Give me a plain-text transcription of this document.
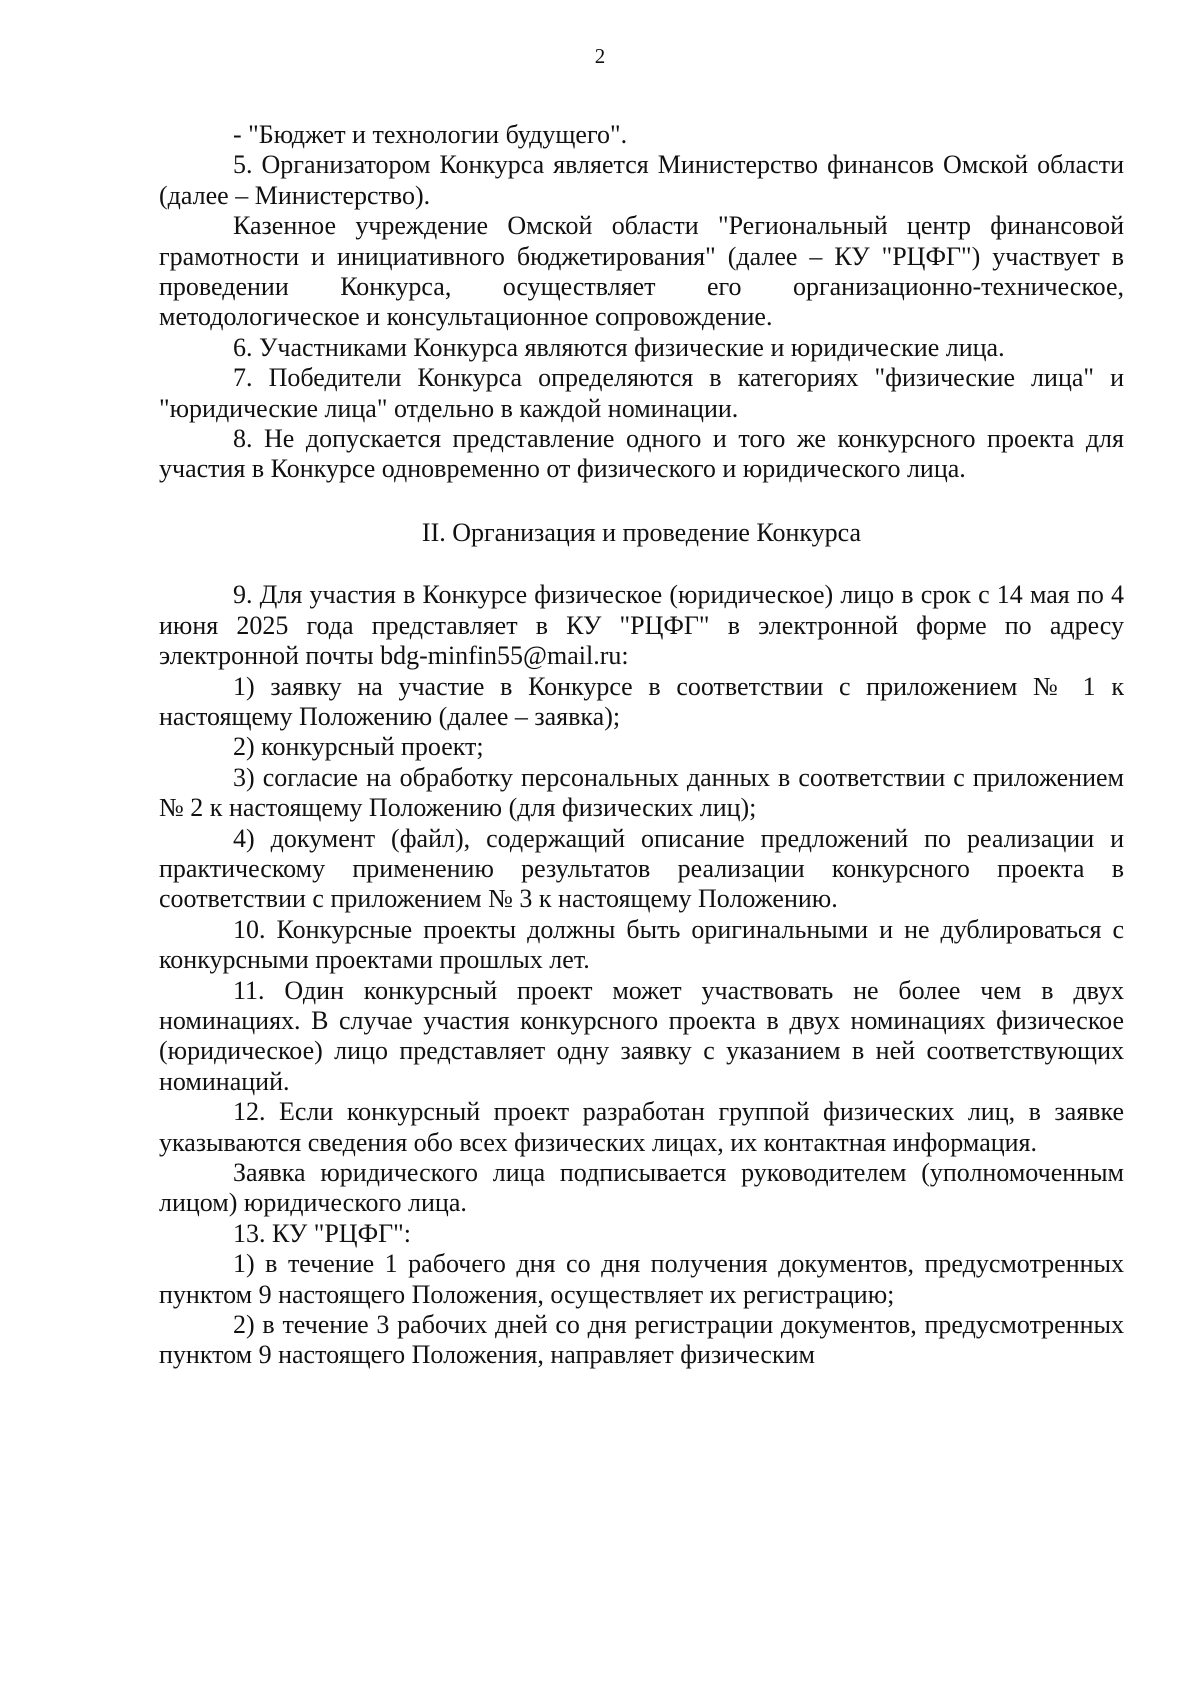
2

- "Бюджет и технологии будущего".

5. Организатором Конкурса является Министерство финансов Омской области (далее – Министерство).

Казенное учреждение Омской области "Региональный центр финансовой грамотности и инициативного бюджетирования" (далее – КУ "РЦФГ") участвует в проведении Конкурса, осуществляет его организационно-техническое, методологическое и консультационное сопровождение.

6. Участниками Конкурса являются физические и юридические лица.

7. Победители Конкурса определяются в категориях "физические лица" и "юридические лица" отдельно в каждой номинации.

8. Не допускается представление одного и того же конкурсного проекта для участия в Конкурсе одновременно от физического и юридического лица.

II. Организация и проведение Конкурса

9. Для участия в Конкурсе физическое (юридическое) лицо в срок с 14 мая по 4 июня 2025 года представляет в КУ "РЦФГ" в электронной форме по адресу электронной почты bdg-minfin55@mail.ru:

1) заявку на участие в Конкурсе в соответствии с приложением № 1 к настоящему Положению (далее – заявка);

2) конкурсный проект;

3) согласие на обработку персональных данных в соответствии с приложением № 2 к настоящему Положению (для физических лиц);

4) документ (файл), содержащий описание предложений по реализации и практическому применению результатов реализации конкурсного проекта в соответствии с приложением № 3 к настоящему Положению.

10. Конкурсные проекты должны быть оригинальными и не дублироваться с конкурсными проектами прошлых лет.

11. Один конкурсный проект может участвовать не более чем в двух номинациях. В случае участия конкурсного проекта в двух номинациях физическое (юридическое) лицо представляет одну заявку с указанием в ней соответствующих номинаций.

12. Если конкурсный проект разработан группой физических лиц, в заявке указываются сведения обо всех физических лицах, их контактная информация.

Заявка юридического лица подписывается руководителем (уполномоченным лицом) юридического лица.

13. КУ "РЦФГ":

1) в течение 1 рабочего дня со дня получения документов, предусмотренных пунктом 9 настоящего Положения, осуществляет их регистрацию;

2) в течение 3 рабочих дней со дня регистрации документов, предусмотренных пунктом 9 настоящего Положения, направляет физическим
